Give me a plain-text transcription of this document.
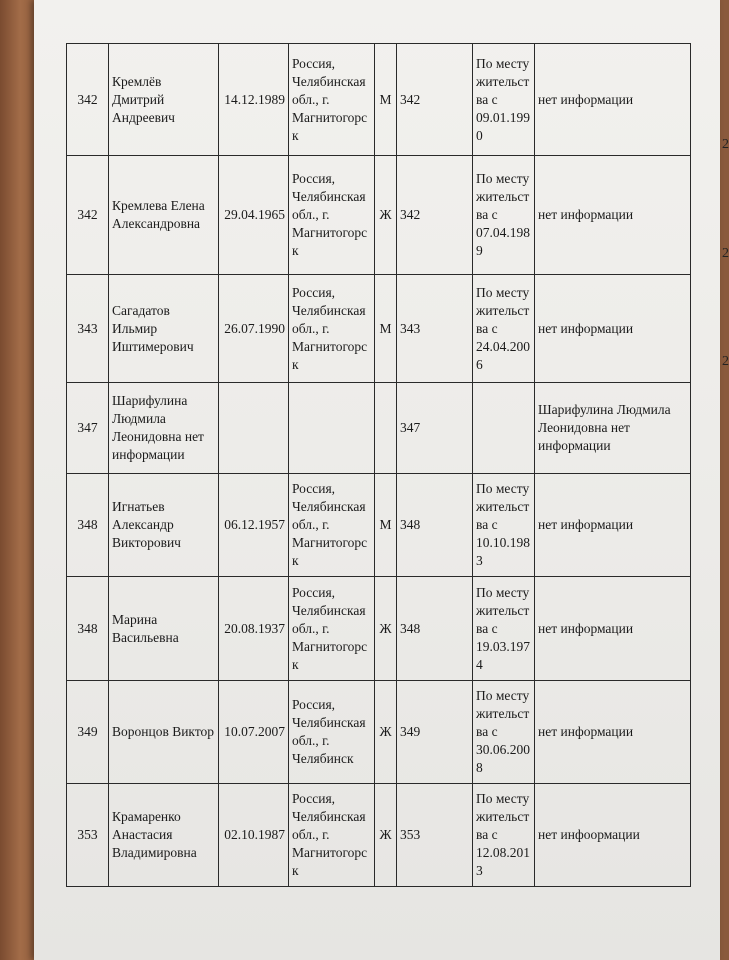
342	Кремлёв Дмитрий Андреевич	14.12.1989	Россия, Челябинская обл., г. Магнитогорск	М	342	По месту жительства с 09.01.1990	нет информации
342	Кремлева Елена Александровна	29.04.1965	Россия, Челябинская обл., г. Магнитогорск	Ж	342	По месту жительства с 07.04.1989	нет информации
343	Сагадатов Ильмир Иштимерович	26.07.1990	Россия, Челябинская обл., г. Магнитогорск	М	343	По месту жительства с 24.04.2006	нет информации
347	Шарифулина Людмила Леонидовна нет информации				347		Шарифулина Людмила Леонидовна нет информации
348	Игнатьев Александр Викторович	06.12.1957	Россия, Челябинская обл., г. Магнитогорск	М	348	По месту жительства с 10.10.1983	нет информации
348	Марина Васильевна	20.08.1937	Россия, Челябинская обл., г. Магнитогорск	Ж	348	По месту жительства с 19.03.1974	нет информации
349	Воронцов Виктор	10.07.2007	Россия, Челябинская обл., г. Челябинск	Ж	349	По месту жительства с 30.06.2008	нет информации
353	Крамаренко Анастасия Владимировна	02.10.1987	Россия, Челябинская обл., г. Магнитогорск	Ж	353	По месту жительства с 12.08.2013	нет инфоормации
2
2
2
